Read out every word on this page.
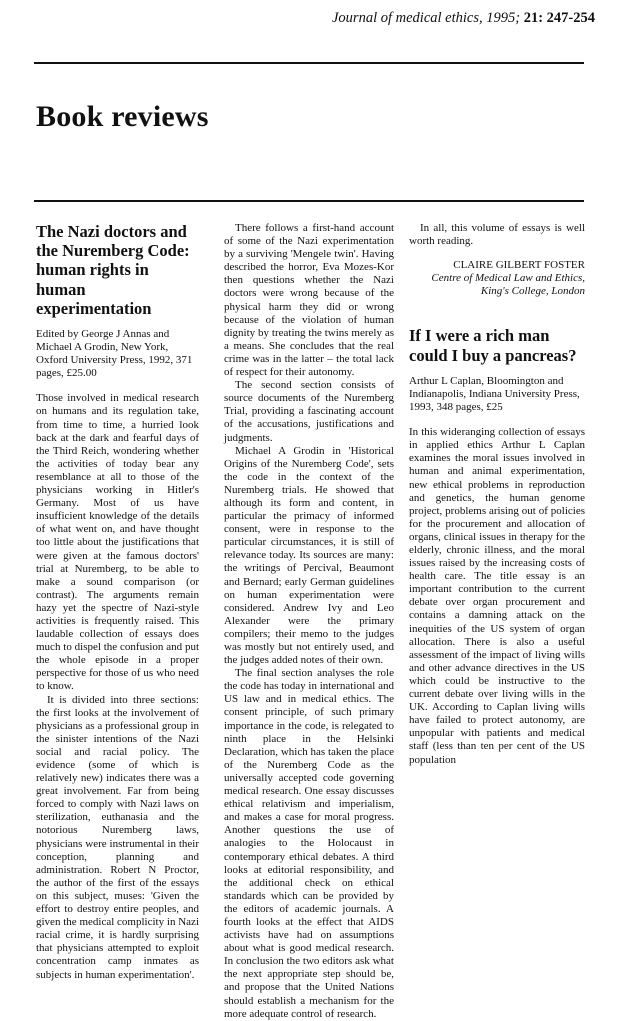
Journal of medical ethics, 1995; 21: 247-254
Book reviews
The Nazi doctors and the Nuremberg Code: human rights in human experimentation

Edited by George J Annas and Michael A Grodin, New York, Oxford University Press, 1992, 371 pages, £25.00

Those involved in medical research on humans and its regulation take, from time to time, a hurried look back at the dark and fearful days of the Third Reich, wondering whether the activities of today bear any resemblance at all to those of the physicians working in Hitler's Germany. Most of us have insufficient knowledge of the details of what went on, and have thought too little about the justifications that were given at the famous doctors' trial at Nuremberg, to be able to make a sound comparison (or contrast). The arguments remain hazy yet the spectre of Nazi-style activities is frequently raised. This laudable collection of essays does much to dispel the confusion and put the whole episode in a proper perspective for those of us who need to know.

It is divided into three sections: the first looks at the involvement of physicians as a professional group in the sinister intentions of the Nazi social and racial policy. The evidence (some of which is relatively new) indicates there was a great involvement. Far from being forced to comply with Nazi laws on sterilization, euthanasia and the notorious Nuremberg laws, physicians were instrumental in their conception, planning and administration. Robert N Proctor, the author of the first of the essays on this subject, muses: 'Given the effort to destroy entire peoples, and given the medical complicity in Nazi racial crime, it is hardly surprising that physicians attempted to exploit concentration camp inmates as subjects in human experimentation'.

There follows a first-hand account of some of the Nazi experimentation by a surviving 'Mengele twin'. Having described the horror, Eva Mozes-Kor then questions whether the Nazi doctors were wrong because of the physical harm they did or wrong because of the violation of human dignity by treating the twins merely as a means. She concludes that the real crime was in the latter – the total lack of respect for their autonomy.

The second section consists of source documents of the Nuremberg Trial, providing a fascinating account of the accusations, justifications and judgments.

Michael A Grodin in 'Historical Origins of the Nuremberg Code', sets the code in the context of the Nuremberg trials. He showed that although its form and content, in particular the primacy of informed consent, were in response to the particular circumstances, it is still of relevance today. Its sources are many: the writings of Percival, Beaumont and Bernard; early German guidelines on human experimentation were considered. Andrew Ivy and Leo Alexander were the primary compilers; their memo to the judges was mostly but not entirely used, and the judges added notes of their own.

The final section analyses the role the code has today in international and US law and in medical ethics. The consent principle, of such primary importance in the code, is relegated to ninth place in the Helsinki Declaration, which has taken the place of the Nuremberg Code as the universally accepted code governing medical research. One essay discusses ethical relativism and imperialism, and makes a case for moral progress. Another questions the use of analogies to the Holocaust in contemporary ethical debates. A third looks at editorial responsibility, and the additional check on ethical standards which can be provided by the editors of academic journals. A fourth looks at the effect that AIDS activists have had on assumptions about what is good medical research. In conclusion the two editors ask what the next appropriate step should be, and propose that the United Nations should establish a mechanism for the more adequate control of research.

In all, this volume of essays is well worth reading.

CLAIRE GILBERT FOSTER

Centre of Medical Law and Ethics,

King's College, London

If I were a rich man could I buy a pancreas?

Arthur L Caplan, Bloomington and Indianapolis, Indiana University Press, 1993, 348 pages, £25

In this wideranging collection of essays in applied ethics Arthur L Caplan examines the moral issues involved in human and animal experimentation, new ethical problems in reproduction and genetics, the human genome project, problems arising out of policies for the procurement and allocation of organs, clinical issues in therapy for the elderly, chronic illness, and the moral issues raised by the increasing costs of health care. The title essay is an important contribution to the current debate over organ procurement and contains a damning attack on the inequities of the US system of organ allocation. There is also a useful assessment of the impact of living wills and other advance directives in the US which could be instructive to the current debate over living wills in the UK. According to Caplan living wills have failed to protect autonomy, are unpopular with patients and medical staff (less than ten per cent of the US population
